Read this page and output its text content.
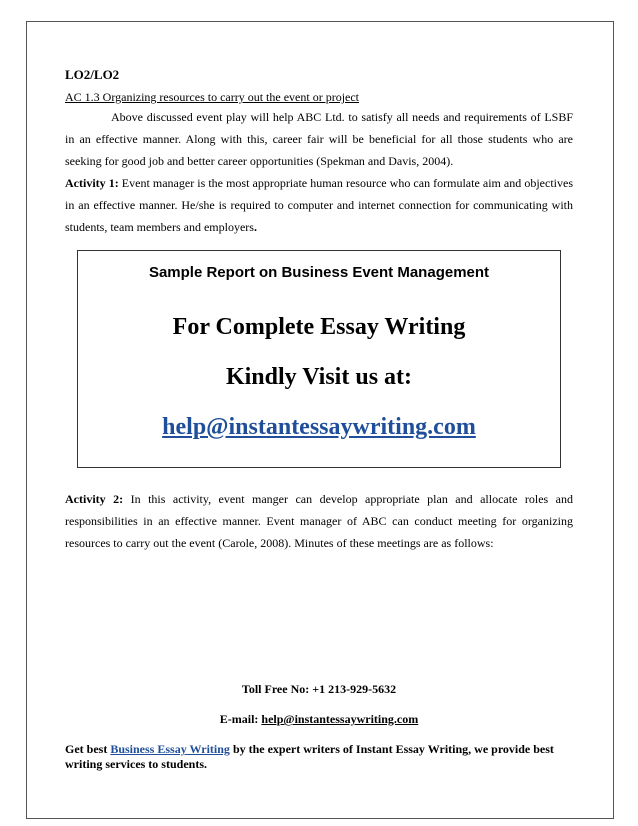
LO2/LO2

AC 1.3 Organizing resources to carry out the event or project

Above discussed event play will help ABC Ltd. to satisfy all needs and requirements of LSBF in an effective manner. Along with this, career fair will be beneficial for all those students who are seeking for good job and better career opportunities (Spekman and Davis, 2004).

Activity 1: Event manager is the most appropriate human resource who can formulate aim and objectives in an effective manner. He/she is required to computer and internet connection for communicating with students, team members and employers.

Sample Report on Business Event Management

For Complete Essay Writing

Kindly Visit us at:

help@instantessaywriting.com

Activity 2: In this activity, event manger can develop appropriate plan and allocate roles and responsibilities in an effective manner. Event manager of ABC can conduct meeting for organizing resources to carry out the event (Carole, 2008). Minutes of these meetings are as follows:

Toll Free No: +1 213-929-5632

E-mail: help@instantessaywriting.com

Get best Business Essay Writing by the expert writers of Instant Essay Writing, we provide best writing services to students.
